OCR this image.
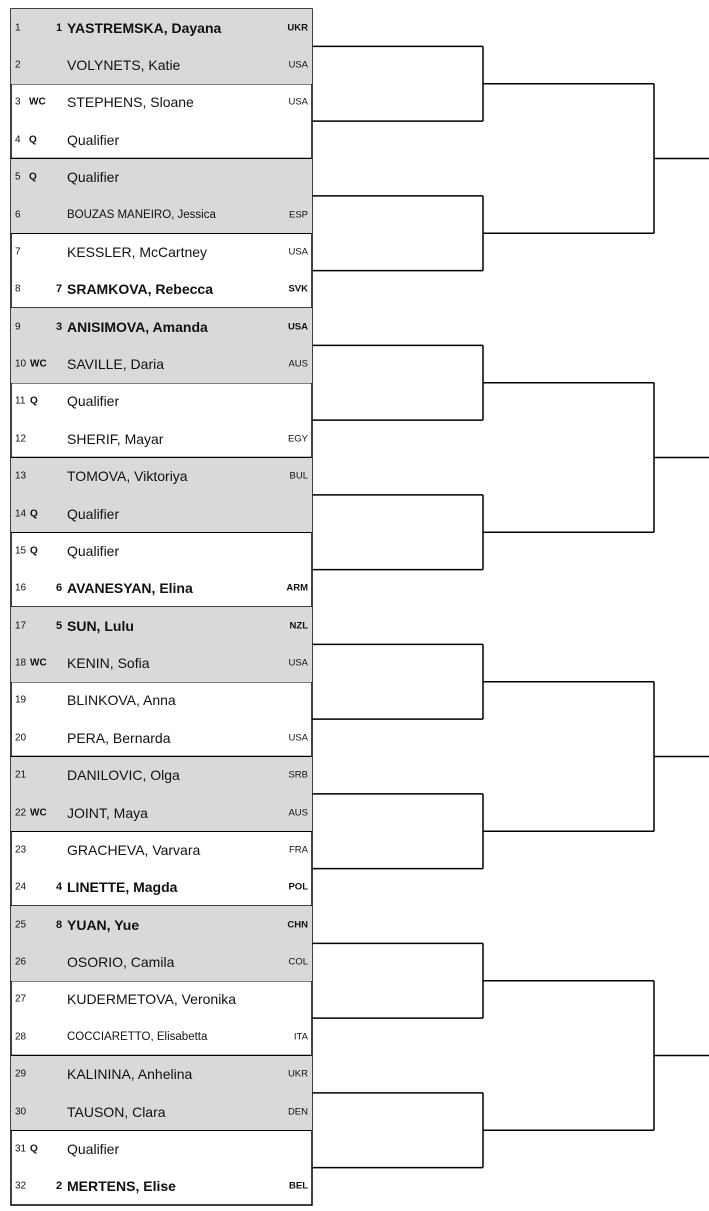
1	1 YASTREMSKA, Dayana	UKR
2	VOLYNETS, Katie	USA
3 WC STEPHENS, Sloane	USA
4 Q Qualifier
5 Q Qualifier
6	BOUZAS MANEIRO, Jessica	ESP
7	KESSLER, McCartney	USA
8	7 SRAMKOVA, Rebecca	SVK
9	3 ANISIMOVA, Amanda	USA
10 WC SAVILLE, Daria	AUS
11 Q Qualifier
12	SHERIF, Mayar	EGY
13	TOMOVA, Viktoriya	BUL
14 Q Qualifier
15 Q Qualifier
16	6 AVANESYAN, Elina	ARM
17	5 SUN, Lulu	NZL
18 WC KENIN, Sofia	USA
19	BLINKOVA, Anna
20	PERA, Bernarda	USA
21	DANILOVIC, Olga	SRB
22 WC JOINT, Maya	AUS
23	GRACHEVA, Varvara	FRA
24	4 LINETTE, Magda	POL
25	8 YUAN, Yue	CHN
26	OSORIO, Camila	COL
27	KUDERMETOVA, Veronika
28	COCCIARETTO, Elisabetta	ITA
29	KALININA, Anhelina	UKR
30	TAUSON, Clara	DEN
31 Q Qualifier
32	2 MERTENS, Elise	BEL
